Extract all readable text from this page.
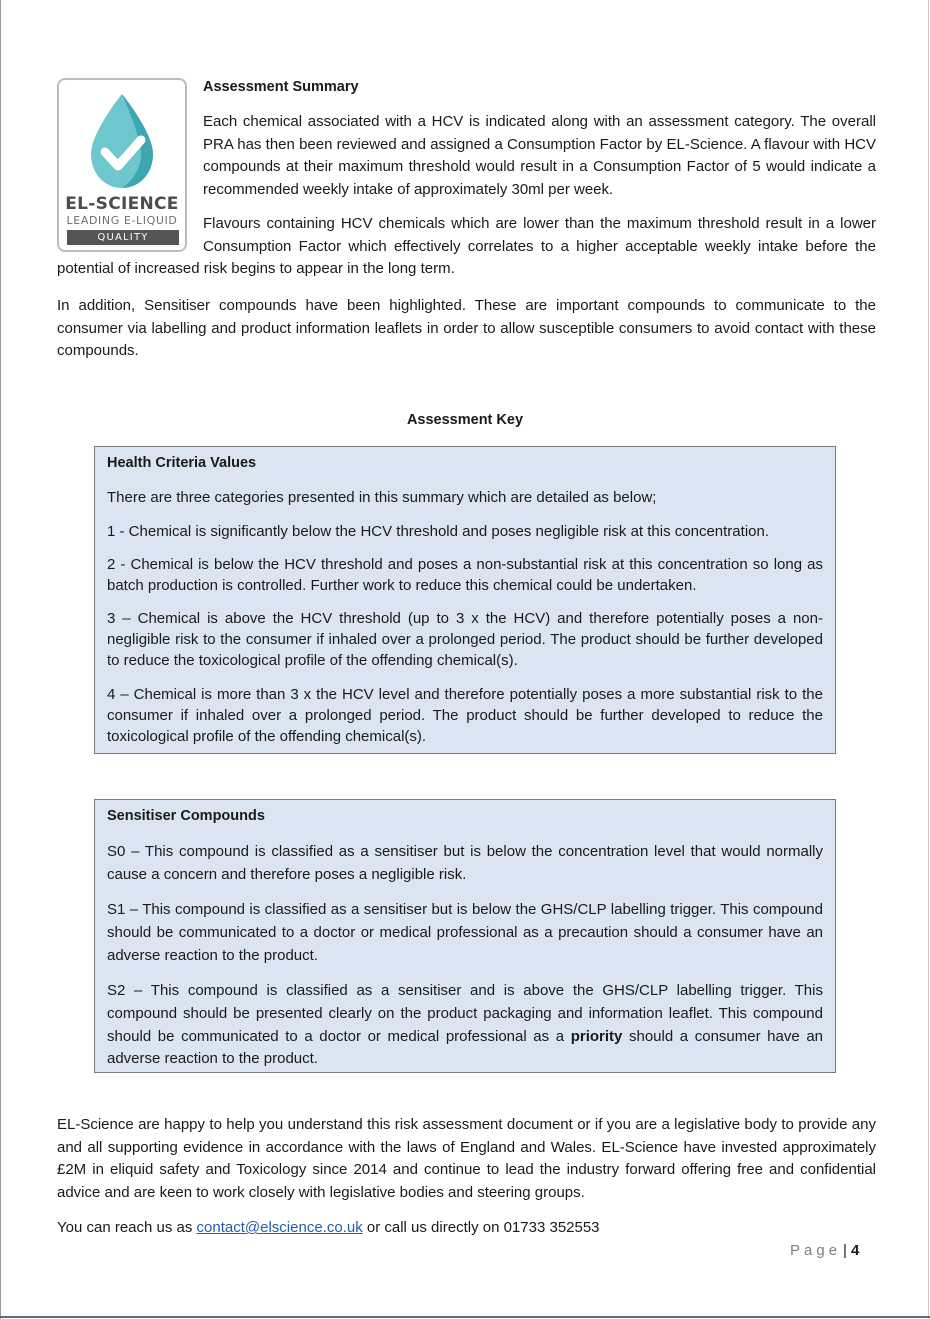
EL-SCIENCE
LEADING E-LIQUID
QUALITY
Assessment Summary
Each chemical associated with a HCV is indicated along with an assessment category. The overall PRA has then been reviewed and assigned a Consumption Factor by EL-Science. A flavour with HCV compounds at their maximum threshold would result in a Consumption Factor of 5 would indicate a recommended weekly intake of approximately 30ml per week.
Flavours containing HCV chemicals which are lower than the maximum threshold result in a lower Consumption Factor which effectively correlates to a higher acceptable weekly intake before the potential of increased risk begins to appear in the long term.
In addition, Sensitiser compounds have been highlighted. These are important compounds to communicate to the consumer via labelling and product information leaflets in order to allow susceptible consumers to avoid contact with these compounds.
Assessment Key
Health Criteria Values

There are three categories presented in this summary which are detailed as below;

1 - Chemical is significantly below the HCV threshold and poses negligible risk at this concentration.

2 - Chemical is below the HCV threshold and poses a non-substantial risk at this concentration so long as batch production is controlled. Further work to reduce this chemical could be undertaken.

3 – Chemical is above the HCV threshold (up to 3 x the HCV) and therefore potentially poses a non-negligible risk to the consumer if inhaled over a prolonged period. The product should be further developed to reduce the toxicological profile of the offending chemical(s).

4 – Chemical is more than 3 x the HCV level and therefore potentially poses a more substantial risk to the consumer if inhaled over a prolonged period. The product should be further developed to reduce the toxicological profile of the offending chemical(s).

Sensitiser Compounds

S0 – This compound is classified as a sensitiser but is below the concentration level that would normally cause a concern and therefore poses a negligible risk.

S1 – This compound is classified as a sensitiser but is below the GHS/CLP labelling trigger. This compound should be communicated to a doctor or medical professional as a precaution should a consumer have an adverse reaction to the product.

S2 – This compound is classified as a sensitiser and is above the GHS/CLP labelling trigger. This compound should be presented clearly on the product packaging and information leaflet. This compound should be communicated to a doctor or medical professional as a priority should a consumer have an adverse reaction to the product.

EL-Science are happy to help you understand this risk assessment document or if you are a legislative body to provide any and all supporting evidence in accordance with the laws of England and Wales. EL-Science have invested approximately £2M in eliquid safety and Toxicology since 2014 and continue to lead the industry forward offering free and confidential advice and are keen to work closely with legislative bodies and steering groups.
You can reach us as contact@elscience.co.uk or call us directly on 01733 352553
Page | 4
